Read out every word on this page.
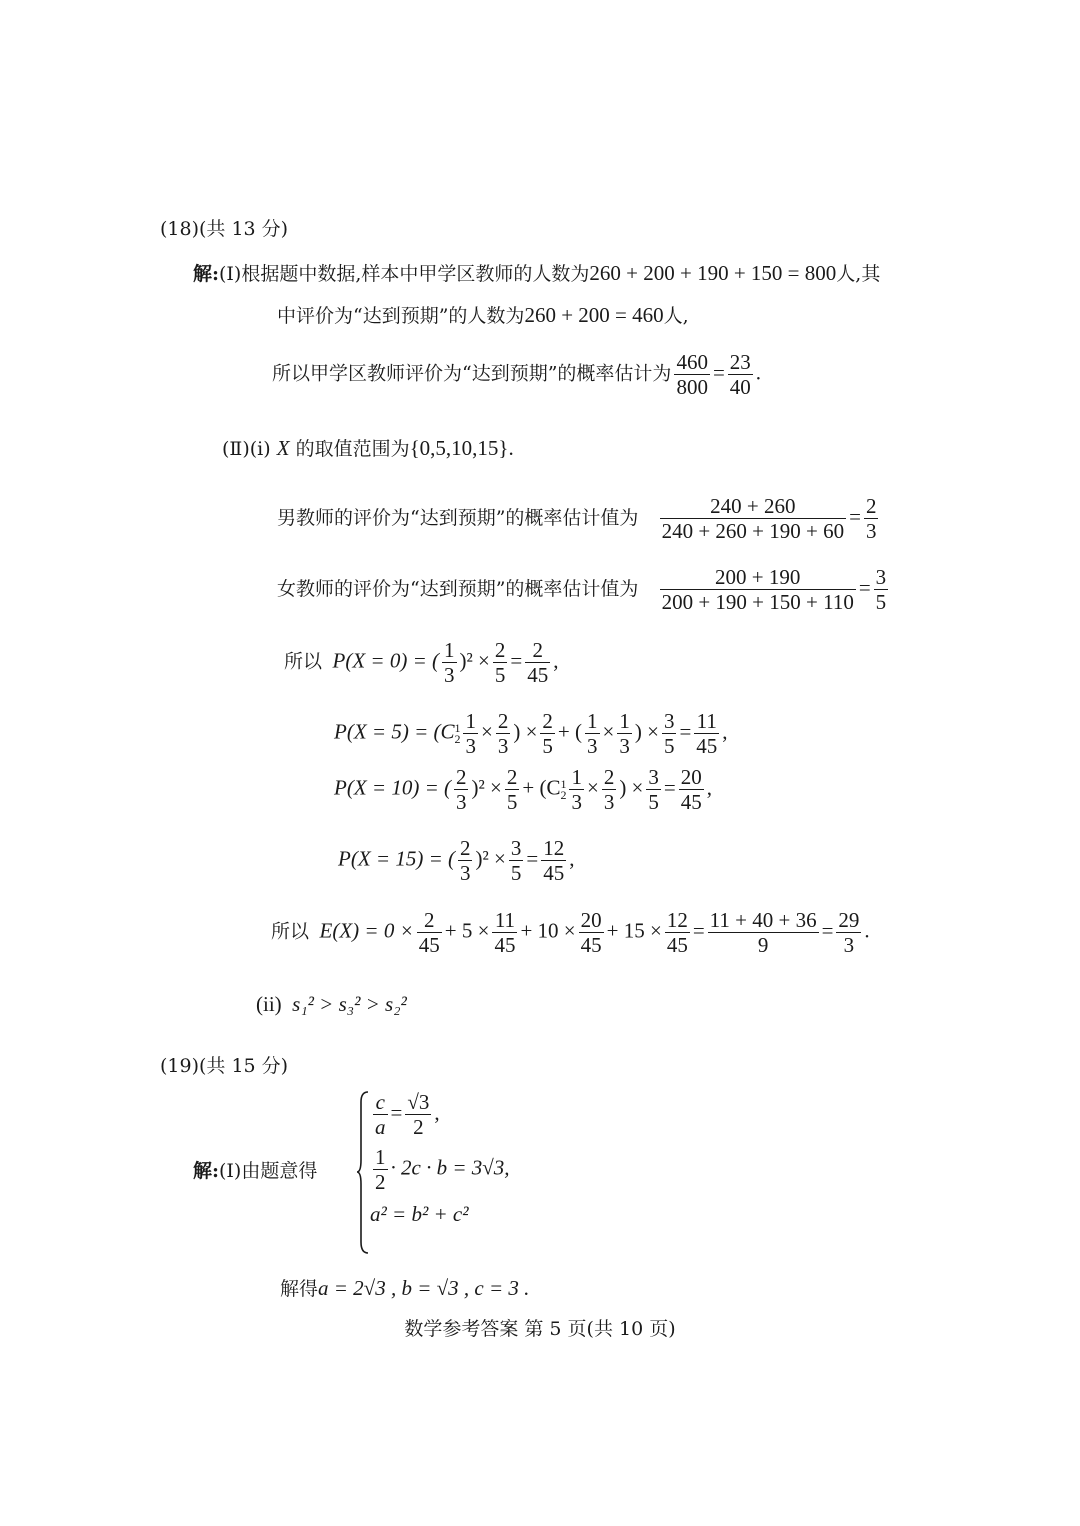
(18)(共 13 分)
解:(Ⅰ)根据题中数据,样本中甲学区教师的人数为260 + 200 + 190 + 150 = 800人,其
中评价为“达到预期”的人数为260 + 200 = 460人,
所以甲学区教师评价为“达到预期”的概率估计为 $\frac{460}{800} = \frac{23}{40}$ .
(Ⅱ)(i) X 的取值范围为{0,5,10,15}.
男教师的评价为“达到预期”的概率估计值为 $\frac{240 + 260}{240 + 260 + 190 + 60} = \frac{2}{3}$
女教师的评价为“达到预期”的概率估计值为 $\frac{200 + 190}{200 + 190 + 150 + 110} = \frac{3}{5}$
所以 P(X = 0) = ( $\frac{1}{3} )^2 \times \frac{2}{5} = \frac{2}{45}$ ,
P(X = 5) = (C 1
$2 \frac{1}{3} \times \frac{2}{3}$ ) × $\frac{2}{5}$ + ( $\frac{1}{3} \times \frac{1}{3}$ ) × $\frac{3}{5} = \frac{11}{45}$ ,
P(X = 10) = ( $\frac{2}{3} )^2 \times \frac{2}{5} + (C$ 1
$2 \frac{1}{3} \times \frac{2}{3}$ ) × $\frac{3}{5} = \frac{20}{45}$ ,
P(X = 15) = ( $\frac{2}{3} )^2 \times \frac{3}{5} = \frac{12}{45}$ ,
所以 $E(X) = 0 \times \frac{2}{45} + 5 \times \frac{11}{45} + 10 \times \frac{20}{45} + 15 \times \frac{12}{45} = \frac{11 + 40 + 36}{9} = \frac{29}{3}$ .
(ii) s₁² > s₃² > s₂²
(19)(共 15 分)
解:(Ⅰ)由题意得
$\frac{c}{a} = \frac{√3}{2}$ ,
$\frac{1}{2} \cdot 2c \cdot b = 3√3$,
a² = b² + c²
解得a = 2√3 , b = √3 , c = 3 .
数学参考答案 第 5 页(共 10 页)
